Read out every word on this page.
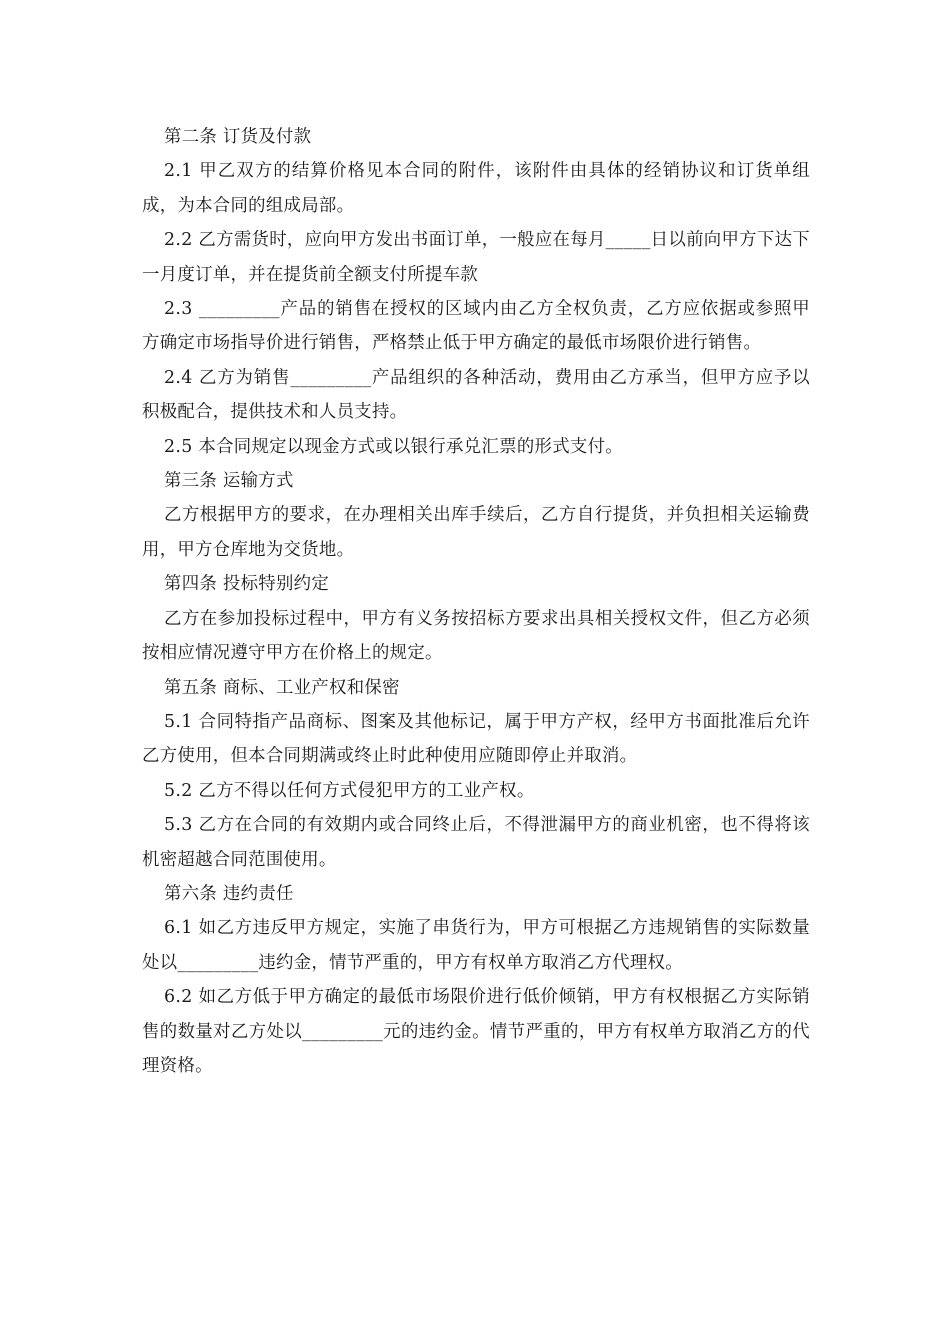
第二条 订货及付款

2.1 甲乙双方的结算价格见本合同的附件，该附件由具体的经销协议和订货单组成，为本合同的组成局部。

2.2 乙方需货时，应向甲方发出书面订单，一般应在每月_____日以前向甲方下达下一月度订单，并在提货前全额支付所提车款

2.3 _________产品的销售在授权的区域内由乙方全权负责，乙方应依据或参照甲方确定市场指导价进行销售，严格禁止低于甲方确定的最低市场限价进行销售。

2.4 乙方为销售_________产品组织的各种活动，费用由乙方承当，但甲方应予以积极配合，提供技术和人员支持。

2.5 本合同规定以现金方式或以银行承兑汇票的形式支付。

第三条 运输方式

乙方根据甲方的要求，在办理相关出库手续后，乙方自行提货，并负担相关运输费用，甲方仓库地为交货地。

第四条 投标特别约定

乙方在参加投标过程中，甲方有义务按招标方要求出具相关授权文件，但乙方必须按相应情况遵守甲方在价格上的规定。

第五条 商标、工业产权和保密

5.1 合同特指产品商标、图案及其他标记，属于甲方产权，经甲方书面批准后允许乙方使用，但本合同期满或终止时此种使用应随即停止并取消。

5.2 乙方不得以任何方式侵犯甲方的工业产权。

5.3 乙方在合同的有效期内或合同终止后，不得泄漏甲方的商业机密，也不得将该机密超越合同范围使用。

第六条 违约责任

6.1 如乙方违反甲方规定，实施了串货行为，甲方可根据乙方违规销售的实际数量处以_________违约金，情节严重的，甲方有权单方取消乙方代理权。

6.2 如乙方低于甲方确定的最低市场限价进行低价倾销，甲方有权根据乙方实际销售的数量对乙方处以_________元的违约金。情节严重的，甲方有权单方取消乙方的代理资格。
